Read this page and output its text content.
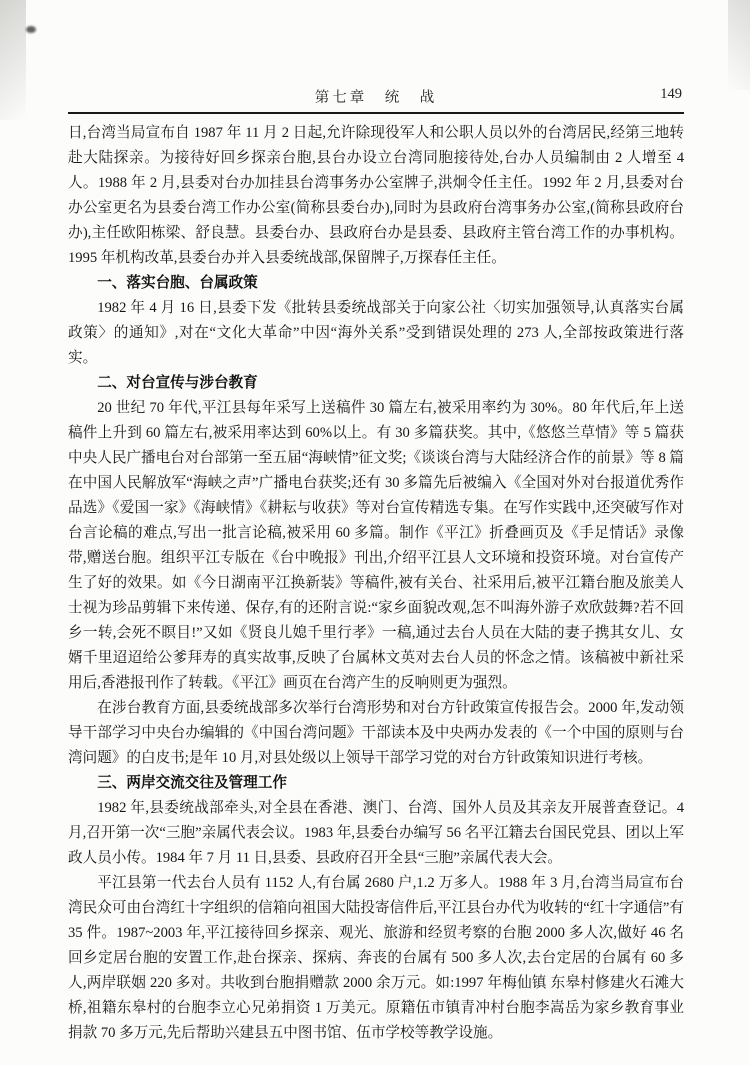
第七章　统　战	149

日,台湾当局宣布自 1987 年 11 月 2 日起,允许除现役军人和公职人员以外的台湾居民,经第三地转赴大陆探亲。为接待好回乡探亲台胞,县台办设立台湾同胞接待处,台办人员编制由 2 人增至 4 人。1988 年 2 月,县委对台办加挂县台湾事务办公室牌子,洪炯令任主任。1992 年 2 月,县委对台办公室更名为县委台湾工作办公室(简称县委台办),同时为县政府台湾事务办公室,(简称县政府台办),主任欧阳栋梁、舒良慧。县委台办、县政府台办是县委、县政府主管台湾工作的办事机构。1995 年机构改革,县委台办并入县委统战部,保留牌子,万探春任主任。

一、落实台胞、台属政策

1982 年 4 月 16 日,县委下发《批转县委统战部关于向家公社〈切实加强领导,认真落实台属政策〉的通知》,对在“文化大革命”中因“海外关系”受到错误处理的 273 人,全部按政策进行落实。

二、对台宣传与涉台教育

20 世纪 70 年代,平江县每年采写上送稿件 30 篇左右,被采用率约为 30%。80 年代后,年上送稿件上升到 60 篇左右,被采用率达到 60%以上。有 30 多篇获奖。其中,《悠悠兰草情》等 5 篇获中央人民广播电台对台部第一至五届“海峡情”征文奖;《谈谈台湾与大陆经济合作的前景》等 8 篇在中国人民解放军“海峡之声”广播电台获奖;还有 30 多篇先后被编入《全国对外对台报道优秀作品选》《爱国一家》《海峡情》《耕耘与收获》等对台宣传精选专集。在写作实践中,还突破写作对台言论稿的难点,写出一批言论稿,被采用 60 多篇。制作《平江》折叠画页及《手足情话》录像带,赠送台胞。组织平江专版在《台中晚报》刊出,介绍平江县人文环境和投资环境。对台宣传产生了好的效果。如《今日湖南平江换新装》等稿件,被有关台、社采用后,被平江籍台胞及旅美人士视为珍品剪辑下来传递、保存,有的还附言说:“家乡面貌改观,怎不叫海外游子欢欣鼓舞?若不回乡一转,会死不瞑目!”又如《贤良儿媳千里行孝》一稿,通过去台人员在大陆的妻子携其女儿、女婿千里迢迢给公爹拜寿的真实故事,反映了台属林文英对去台人员的怀念之情。该稿被中新社采用后,香港报刊作了转载。《平江》画页在台湾产生的反响则更为强烈。

在涉台教育方面,县委统战部多次举行台湾形势和对台方针政策宣传报告会。2000 年,发动领导干部学习中央台办编辑的《中国台湾问题》干部读本及中央两办发表的《一个中国的原则与台湾问题》的白皮书;是年 10 月,对县处级以上领导干部学习党的对台方针政策知识进行考核。

三、两岸交流交往及管理工作

1982 年,县委统战部牵头,对全县在香港、澳门、台湾、国外人员及其亲友开展普查登记。4 月,召开第一次“三胞”亲属代表会议。1983 年,县委台办编写 56 名平江籍去台国民党县、团以上军政人员小传。1984 年 7 月 11 日,县委、县政府召开全县“三胞”亲属代表大会。

平江县第一代去台人员有 1152 人,有台属 2680 户,1.2 万多人。1988 年 3 月,台湾当局宣布台湾民众可由台湾红十字组织的信箱向祖国大陆投寄信件后,平江县台办代为收转的“红十字通信”有 35 件。1987~2003 年,平江接待回乡探亲、观光、旅游和经贸考察的台胞 2000 多人次,做好 46 名回乡定居台胞的安置工作,赴台探亲、探病、奔丧的台属有 500 多人次,去台定居的台属有 60 多人,两岸联姻 220 多对。共收到台胞捐赠款 2000 余万元。如:1997 年梅仙镇 东皋村修建火石滩大桥,祖籍东皋村的台胞李立心兄弟捐资 1 万美元。原籍伍市镇青冲村台胞李嵩岳为家乡教育事业捐款 70 多万元,先后帮助兴建县五中图书馆、伍市学校等教学设施。
